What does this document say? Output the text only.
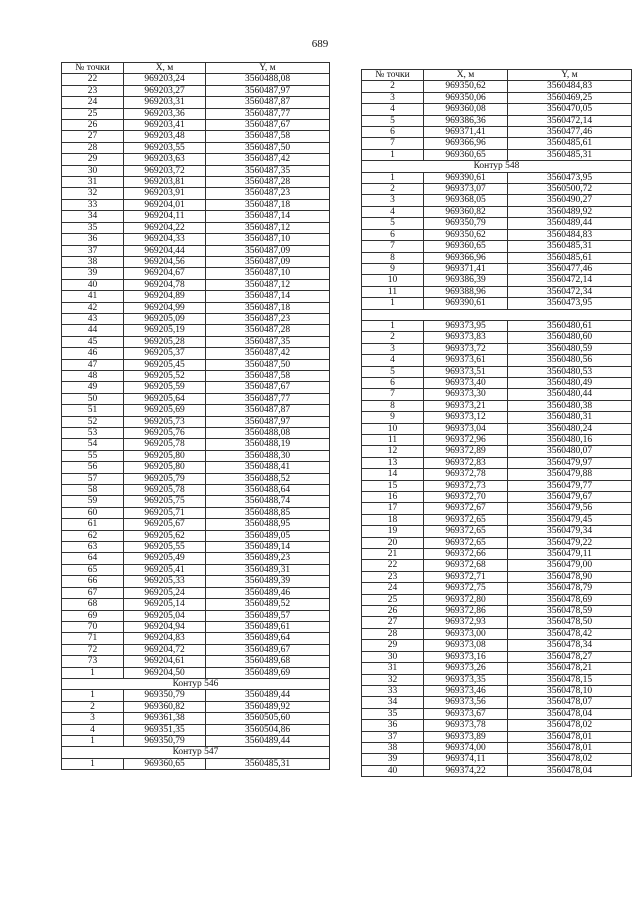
689
№ точки	X, м	Y, м
22	969203,24	3560488,08
23	969203,27	3560487,97
24	969203,31	3560487,87
25	969203,36	3560487,77
26	969203,41	3560487,67
27	969203,48	3560487,58
28	969203,55	3560487,50
29	969203,63	3560487,42
30	969203,72	3560487,35
31	969203,81	3560487,28
32	969203,91	3560487,23
33	969204,01	3560487,18
34	969204,11	3560487,14
35	969204,22	3560487,12
36	969204,33	3560487,10
37	969204,44	3560487,09
38	969204,56	3560487,09
39	969204,67	3560487,10
40	969204,78	3560487,12
41	969204,89	3560487,14
42	969204,99	3560487,18
43	969205,09	3560487,23
44	969205,19	3560487,28
45	969205,28	3560487,35
46	969205,37	3560487,42
47	969205,45	3560487,50
48	969205,52	3560487,58
49	969205,59	3560487,67
50	969205,64	3560487,77
51	969205,69	3560487,87
52	969205,73	3560487,97
53	969205,76	3560488,08
54	969205,78	3560488,19
55	969205,80	3560488,30
56	969205,80	3560488,41
57	969205,79	3560488,52
58	969205,78	3560488,64
59	969205,75	3560488,74
60	969205,71	3560488,85
61	969205,67	3560488,95
62	969205,62	3560489,05
63	969205,55	3560489,14
64	969205,49	3560489,23
65	969205,41	3560489,31
66	969205,33	3560489,39
67	969205,24	3560489,46
68	969205,14	3560489,52
69	969205,04	3560489,57
70	969204,94	3560489,61
71	969204,83	3560489,64
72	969204,72	3560489,67
73	969204,61	3560489,68
1	969204,50	3560489,69
Контур 546		
1	969350,79	3560489,44
2	969360,82	3560489,92
3	969361,38	3560505,60
4	969351,35	3560504,86
1	969350,79	3560489,44
Контур 547		
1	969360,65	3560485,31
№ точки	X, м	Y, м
2	969350,62	3560484,83
3	969350,06	3560469,25
4	969360,08	3560470,05
5	969386,36	3560472,14
6	969371,41	3560477,46
7	969366,96	3560485,61
1	969360,65	3560485,31
Контур 548		
1	969390,61	3560473,95
2	969373,07	3560500,72
3	969368,05	3560490,27
4	969360,82	3560489,92
5	969350,79	3560489,44
6	969350,62	3560484,83
7	969360,65	3560485,31
8	969366,96	3560485,61
9	969371,41	3560477,46
10	969386,39	3560472,14
11	969388,96	3560472,34
1	969390,61	3560473,95

1	969373,95	3560480,61
2	969373,83	3560480,60
3	969373,72	3560480,59
4	969373,61	3560480,56
5	969373,51	3560480,53
6	969373,40	3560480,49
7	969373,30	3560480,44
8	969373,21	3560480,38
9	969373,12	3560480,31
10	969373,04	3560480,24
11	969372,96	3560480,16
12	969372,89	3560480,07
13	969372,83	3560479,97
14	969372,78	3560479,88
15	969372,73	3560479,77
16	969372,70	3560479,67
17	969372,67	3560479,56
18	969372,65	3560479,45
19	969372,65	3560479,34
20	969372,65	3560479,22
21	969372,66	3560479,11
22	969372,68	3560479,00
23	969372,71	3560478,90
24	969372,75	3560478,79
25	969372,80	3560478,69
26	969372,86	3560478,59
27	969372,93	3560478,50
28	969373,00	3560478,42
29	969373,08	3560478,34
30	969373,16	3560478,27
31	969373,26	3560478,21
32	969373,35	3560478,15
33	969373,46	3560478,10
34	969373,56	3560478,07
35	969373,67	3560478,04
36	969373,78	3560478,02
37	969373,89	3560478,01
38	969374,00	3560478,01
39	969374,11	3560478,02
40	969374,22	3560478,04
